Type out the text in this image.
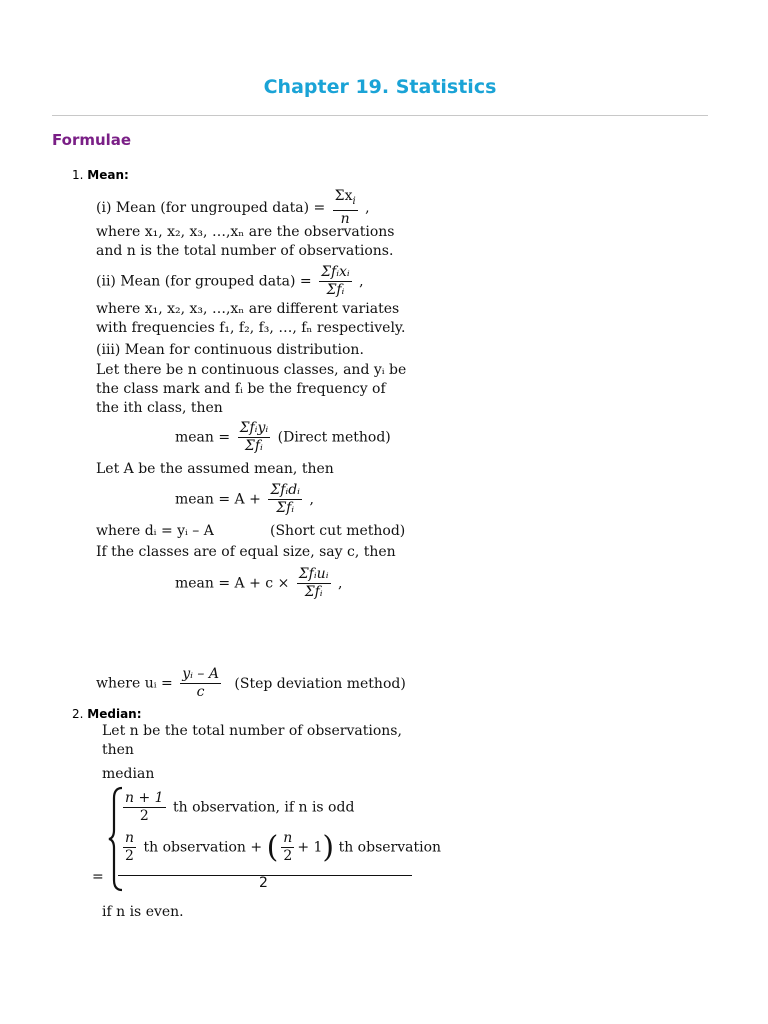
Chapter 19. Statistics
Formulae
1. Mean:
(i) Mean (for ungrouped data) = $\frac{\Sigma x_i}{n}$ ,
where x₁, x₂, x₃, …,xₙ are the observations
and n is the total number of observations.
(ii) Mean (for grouped data) = $\frac{\text{Σfᵢxᵢ}}{\text{Σfᵢ}}$ ,
where x₁, x₂, x₃, …,xₙ are different variates
with frequencies f₁, f₂, f₃, …, fₙ respectively.
(iii) Mean for continuous distribution.
Let there be n continuous classes, and yᵢ be
the class mark and fᵢ be the frequency of
the ith class, then
mean = $\frac{\text{Σfᵢyᵢ}}{\text{Σfᵢ}}$ (Direct method)
Let A be the assumed mean, then
mean = $A + \frac{\text{Σfᵢdᵢ}}{\text{Σfᵢ}}$ ,
where dᵢ = yᵢ – A	(Short cut method)
If the classes are of equal size, say c, then
mean = $A + c \times \frac{\text{Σfᵢuᵢ}}{\text{Σfᵢ}}$ ,
where uᵢ = $\frac{\text{yᵢ – A}}{c}$ (Step deviation method)
2. Median:
Let n be the total number of observations,
then
median
$\frac{n + 1}{2}$ th observation, if n is odd
$\frac{n}{2}$ th observation + ( $\frac{n}{2} + 1$) th observation
=	2
if n is even.
